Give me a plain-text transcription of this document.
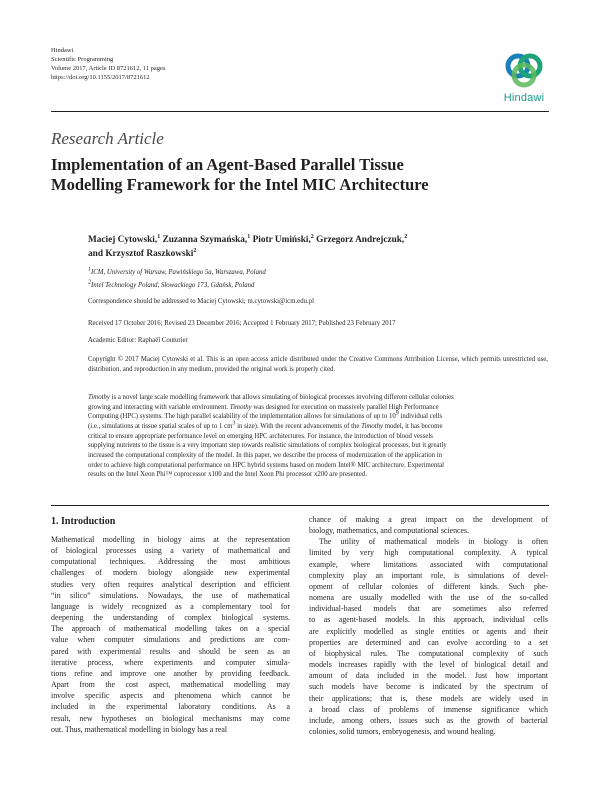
Hindawi
Scientific Programming
Volume 2017, Article ID 8721612, 11 pages
https://doi.org/10.1155/2017/8721612
Hindawi
Research Article
Implementation of an Agent-Based Parallel Tissue
Modelling Framework for the Intel MIC Architecture
Maciej Cytowski,$^1$ Zuzanna Szymańska,$^1$ Piotr Umiński,$^2$ Grzegorz Andrejczuk,$^2$
and Krzysztof Raszkowski$^2$
$^1$ICM, University of Warsaw, Pawińskiego 5a, Warszawa, Poland
$^2$Intel Technology Poland, Słowackiego 173, Gdańsk, Poland
Correspondence should be addressed to Maciej Cytowski; m.cytowski@icm.edu.pl
Received 17 October 2016; Revised 23 December 2016; Accepted 1 February 2017; Published 23 February 2017
Academic Editor: Raphaël Couturier
Copyright © 2017 Maciej Cytowski et al. This is an open access article distributed under the Creative Commons Attribution License, which permits unrestricted use, distribution, and reproduction in any medium, provided the original work is properly cited.
Timothy is a novel large scale modelling framework that allows simulating of biological processes involving different cellular colonies
growing and interacting with variable environment. Timothy was designed for execution on massively parallel High Performance
Computing (HPC) systems. The high parallel scalability of the implementation allows for simulations of up to $10^9$ individual cells
(i.e., simulations at tissue spatial scales of up to 1 $cm^3$ in size). With the recent advancements of the Timothy model, it has become
critical to ensure appropriate performance level on emerging HPC architectures. For instance, the introduction of blood vessels
supplying nutrients to the tissue is a very important step towards realistic simulations of complex biological processes, but it greatly
increased the computational complexity of the model. In this paper, we describe the process of modernization of the application in
order to achieve high computational performance on HPC hybrid systems based on modern Intel® MIC architecture. Experimental
results on the Intel Xeon Phi™ coprocessor x100 and the Intel Xeon Phi processor x200 are presented.
1. Introduction
Mathematical modelling in biology aims at the representation
of biological processes using a variety of mathematical and
computational techniques. Addressing the most ambitious
challenges of modern biology alongside new experimental
studies very often requires analytical description and efficient
“in silico” simulations. Nowadays, the use of mathematical
language is widely recognized as a complementary tool for
deepening the understanding of complex biological systems.
The approach of mathematical modelling takes on a special
value when computer simulations and predictions are com-
pared with experimental results and should be seen as an
iterative process, where experiments and computer simula-
tions refine and improve one another by providing feedback.
Apart from the cost aspect, mathematical modelling may
involve specific aspects and phenomena which cannot be
included in the experimental laboratory conditions. As a
result, new hypotheses on biological mechanisms may come
out. Thus, mathematical modelling in biology has a real
chance of making a great impact on the development of
biology, mathematics, and computational sciences.
The utility of mathematical models in biology is often
limited by very high computational complexity. A typical
example, where limitations associated with computational
complexity play an important role, is simulations of devel-
opment of cellular colonies of different kinds. Such phe-
nomena are usually modelled with the use of the so-called
individual-based models that are sometimes also referred
to as agent-based models. In this approach, individual cells
are explicitly modelled as single entities or agents and their
properties are determined and can evolve according to a set
of biophysical rules. The computational complexity of such
models increases rapidly with the level of biological detail and
amount of data included in the model. Just how important
such models have become is indicated by the spectrum of
their applications; that is, these models are widely used in
a broad class of problems of immense significance which
include, among others, issues such as the growth of bacterial
colonies, solid tumors, embryogenesis, and wound healing.
